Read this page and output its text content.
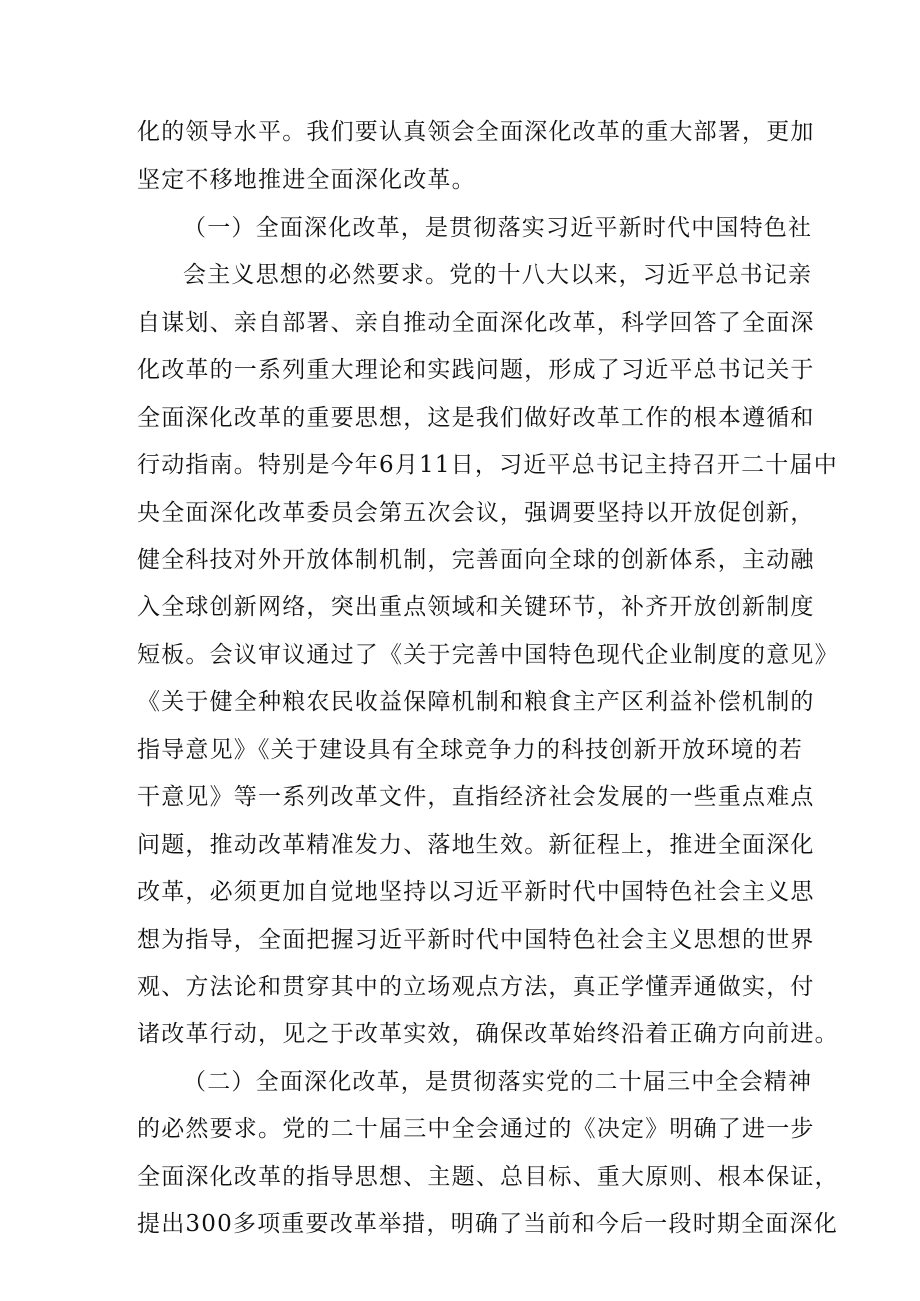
化的领导水平。我们要认真领会全面深化改革的重大部署，更加
坚定不移地推进全面深化改革。
（一）全面深化改革，是贯彻落实习近平新时代中国特色社
会主义思想的必然要求。党的十八大以来，习近平总书记亲
自谋划、亲自部署、亲自推动全面深化改革，科学回答了全面深
化改革的一系列重大理论和实践问题，形成了习近平总书记关于
全面深化改革的重要思想，这是我们做好改革工作的根本遵循和
行动指南。特别是今年6月11日，习近平总书记主持召开二十届中
央全面深化改革委员会第五次会议，强调要坚持以开放促创新，
健全科技对外开放体制机制，完善面向全球的创新体系，主动融
入全球创新网络，突出重点领域和关键环节，补齐开放创新制度
短板。会议审议通过了《关于完善中国特色现代企业制度的意见》
《关于健全种粮农民收益保障机制和粮食主产区利益补偿机制的
指导意见》《关于建设具有全球竞争力的科技创新开放环境的若
干意见》等一系列改革文件，直指经济社会发展的一些重点难点
问题，推动改革精准发力、落地生效。新征程上，推进全面深化
改革，必须更加自觉地坚持以习近平新时代中国特色社会主义思
想为指导，全面把握习近平新时代中国特色社会主义思想的世界
观、方法论和贯穿其中的立场观点方法，真正学懂弄通做实，付
诸改革行动，见之于改革实效，确保改革始终沿着正确方向前进。
（二）全面深化改革，是贯彻落实党的二十届三中全会精神
的必然要求。党的二十届三中全会通过的《决定》明确了进一步
全面深化改革的指导思想、主题、总目标、重大原则、根本保证，
提出300多项重要改革举措，明确了当前和今后一段时期全面深化
